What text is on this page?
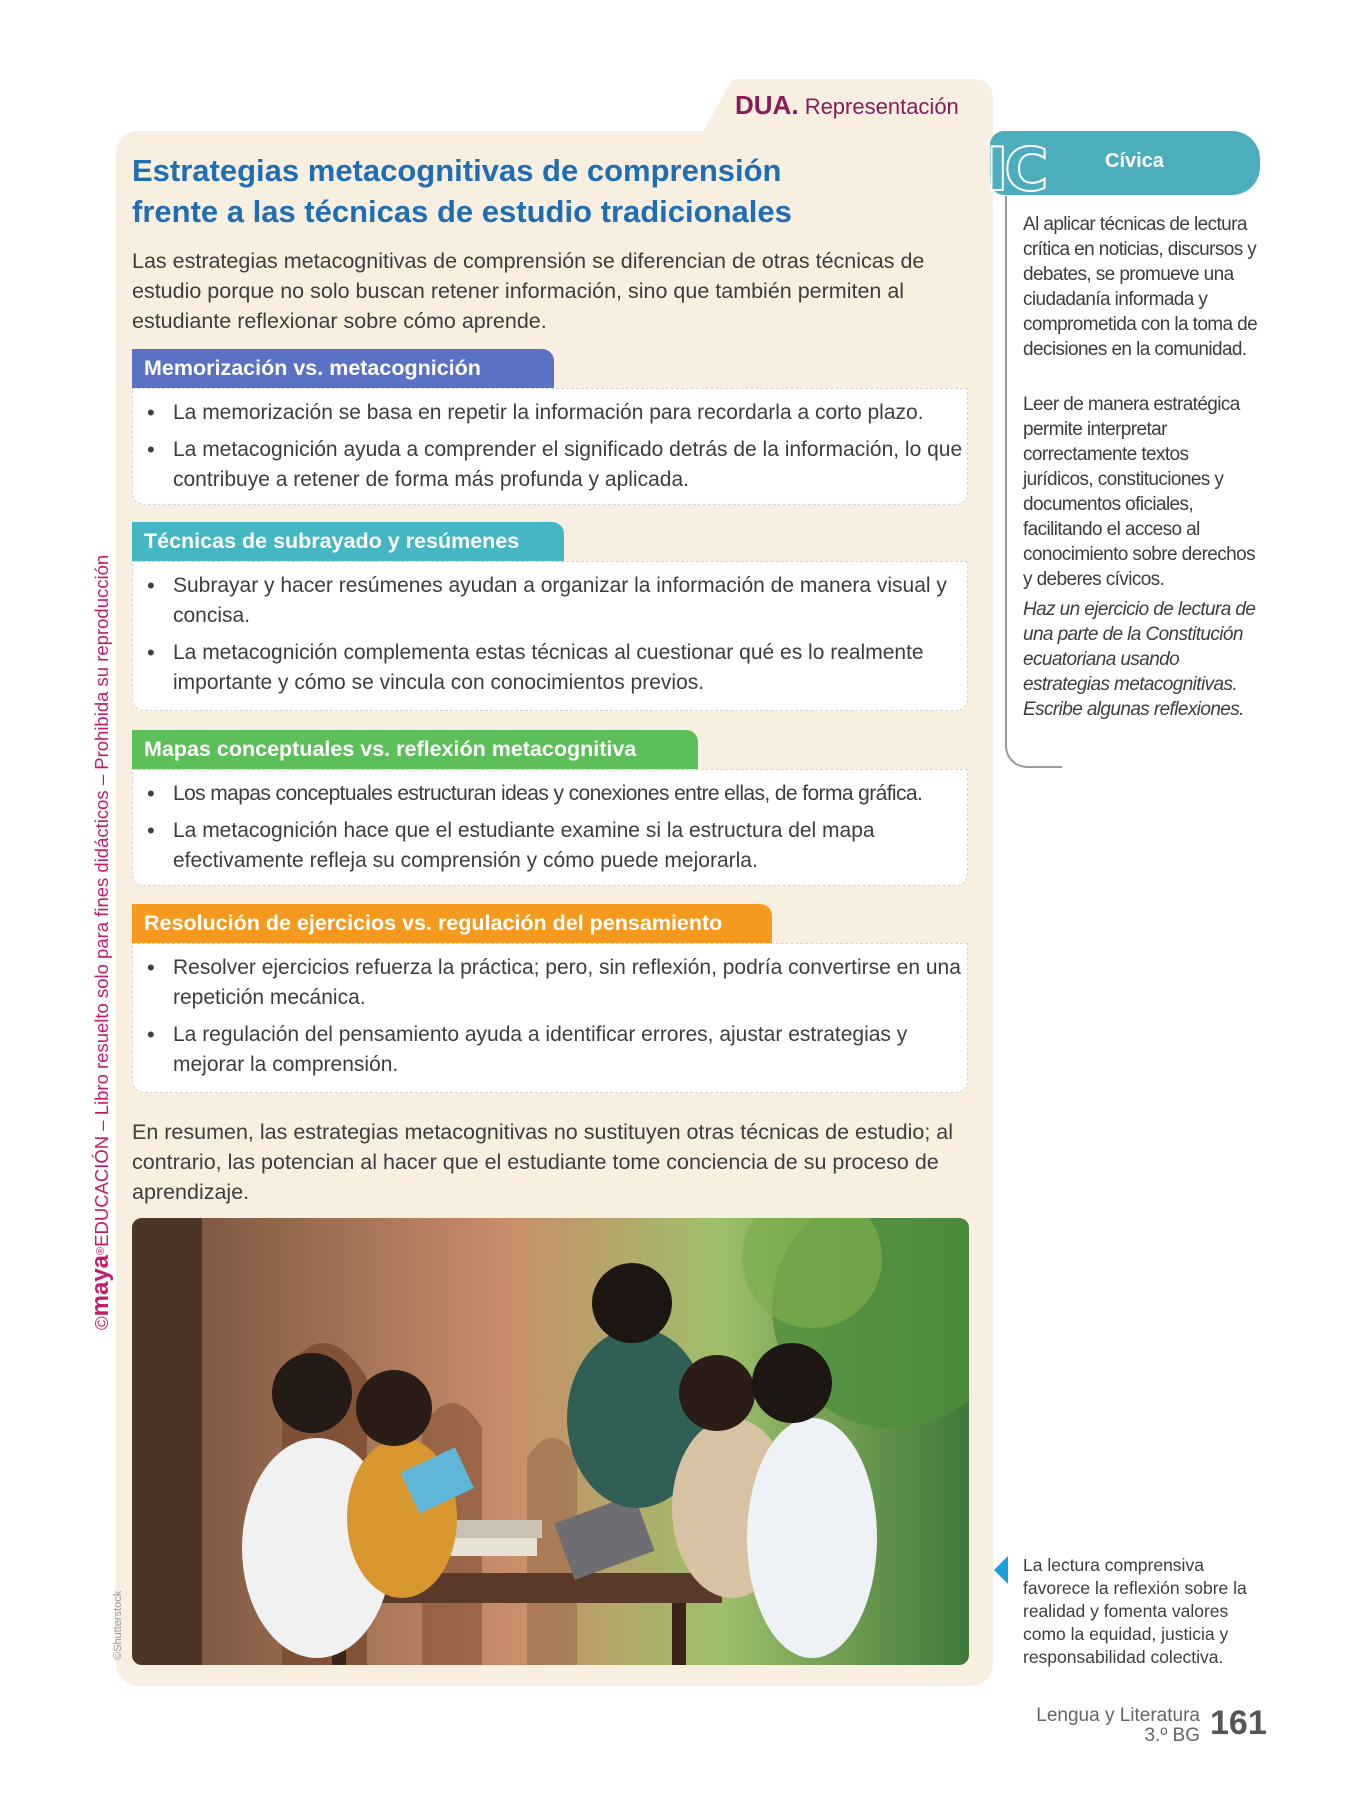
©maya®EDUCACIÓN – Libro resuelto solo para fines didácticos – Prohibida su reproducción
DUA. Representación
Estrategias metacognitivas de comprensión
frente a las técnicas de estudio tradicionales
Las estrategias metacognitivas de comprensión se diferencian de otras técnicas de estudio porque no solo buscan retener información, sino que también permiten al estudiante reflexionar sobre cómo aprende.
Memorización vs. metacognición
• La memorización se basa en repetir la información para recordarla a corto plazo.
• La metacognición ayuda a comprender el significado detrás de la información, lo que contribuye a retener de forma más profunda y aplicada.
Técnicas de subrayado y resúmenes
• Subrayar y hacer resúmenes ayudan a organizar la información de manera visual y concisa.
• La metacognición complementa estas técnicas al cuestionar qué es lo realmente importante y cómo se vincula con conocimientos previos.
Mapas conceptuales vs. reflexión metacognitiva
• Los mapas conceptuales estructuran ideas y conexiones entre ellas, de forma gráfica.
• La metacognición hace que el estudiante examine si la estructura del mapa efectivamente refleja su comprensión y cómo puede mejorarla.
Resolución de ejercicios vs. regulación del pensamiento
• Resolver ejercicios refuerza la práctica; pero, sin reflexión, podría convertirse en una repetición mecánica.
• La regulación del pensamiento ayuda a identificar errores, ajustar estrategias y mejorar la comprensión.
En resumen, las estrategias metacognitivas no sustituyen otras técnicas de estudio; al contrario, las potencian al hacer que el estudiante tome conciencia de su proceso de aprendizaje.
©Shutterstock
IC	Cívica
Al aplicar técnicas de lectura crítica en noticias, discursos y debates, se promueve una ciudadanía informada y comprometida con la toma de decisiones en la comunidad.
Leer de manera estratégica permite interpretar correctamente textos jurídicos, constituciones y documentos oficiales, facilitando el acceso al conocimiento sobre derechos y deberes cívicos.
Haz un ejercicio de lectura de una parte de la Constitución ecuatoriana usando estrategias metacognitivas. Escribe algunas reflexiones.
La lectura comprensiva favorece la reflexión sobre la realidad y fomenta valores como la equidad, justicia y responsabilidad colectiva.
Lengua y Literatura
3.º BG 161
